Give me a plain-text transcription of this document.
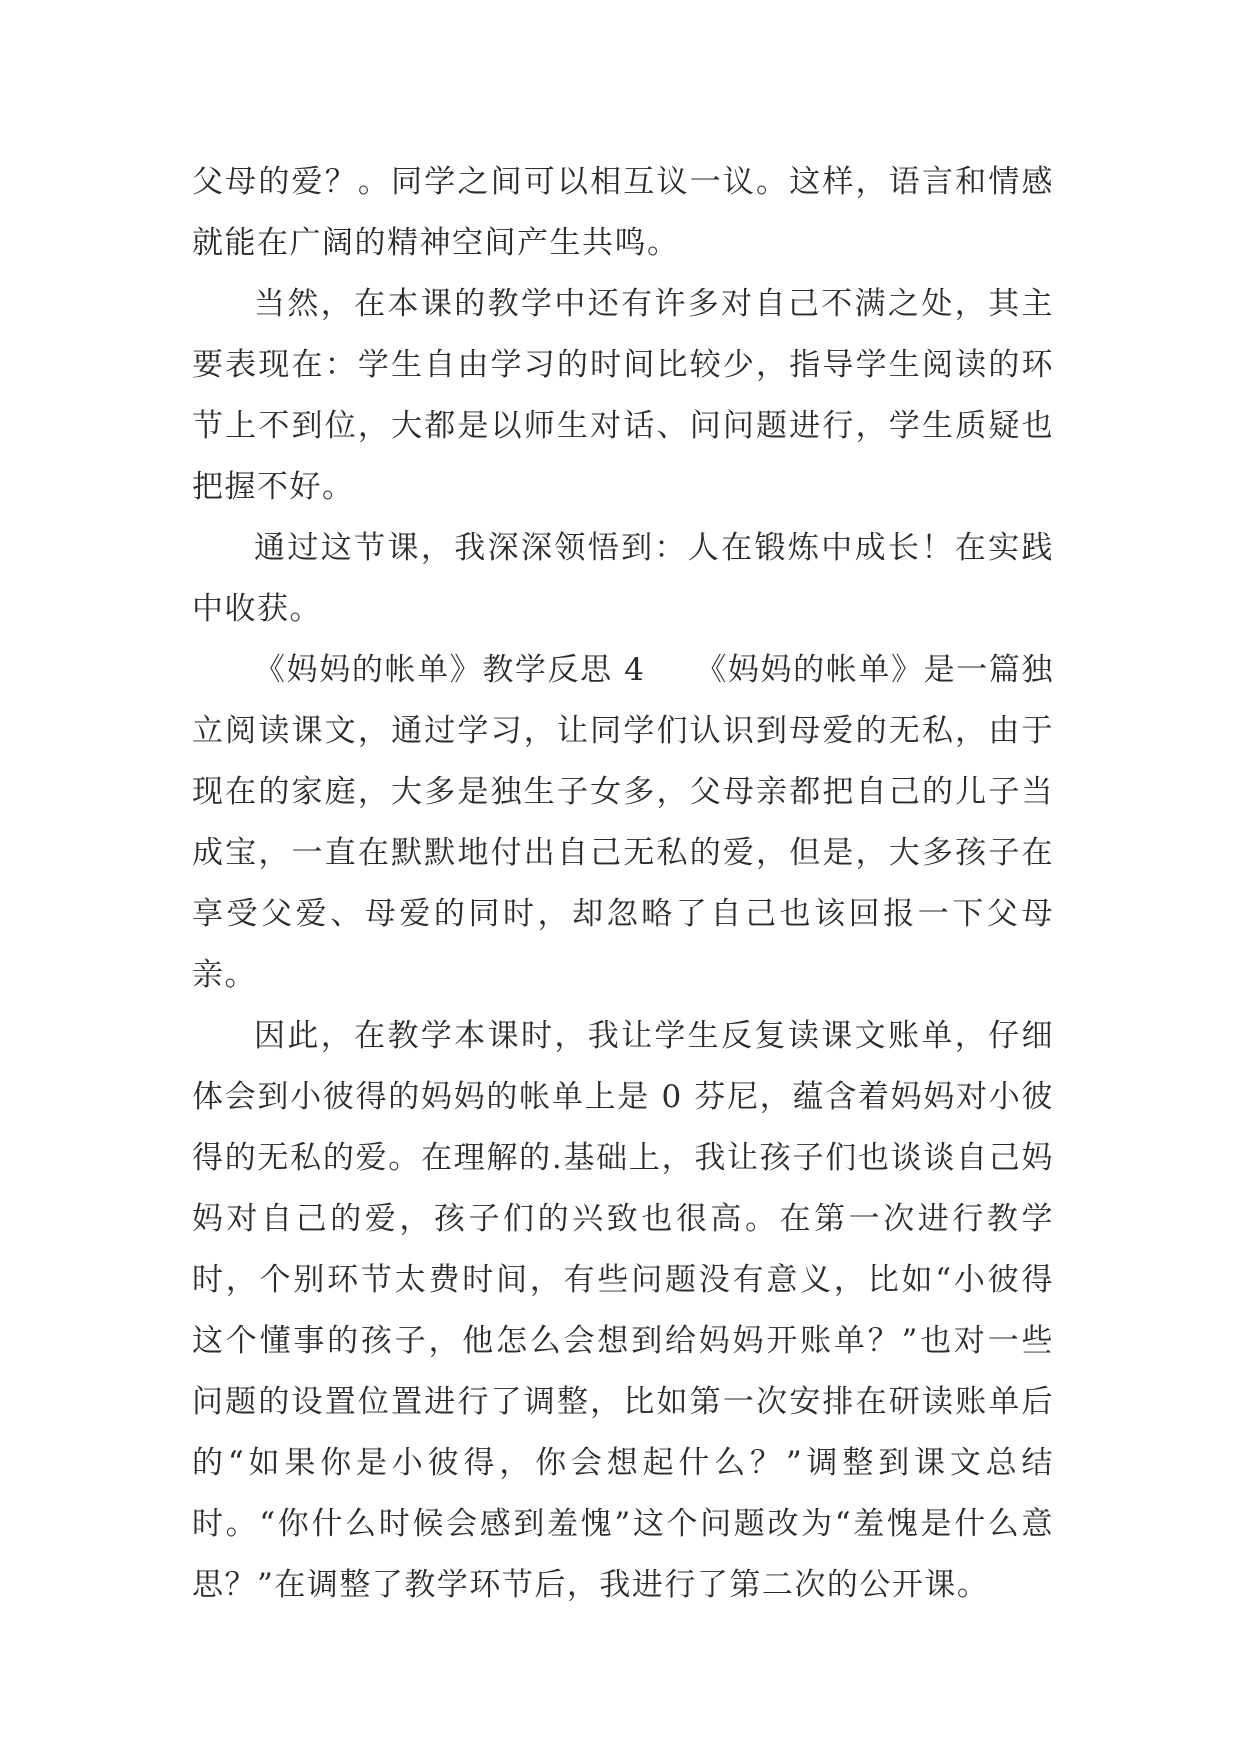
父母的爱？。同学之间可以相互议一议。这样，语言和情感就能在广阔的精神空间产生共鸣。

当然，在本课的教学中还有许多对自己不满之处，其主要表现在：学生自由学习的时间比较少，指导学生阅读的环节上不到位，大都是以师生对话、问问题进行，学生质疑也把握不好。

通过这节课，我深深领悟到：人在锻炼中成长！在实践中收获。

《妈妈的帐单》教学反思 4　　《妈妈的帐单》是一篇独立阅读课文，通过学习，让同学们认识到母爱的无私，由于现在的家庭，大多是独生子女多，父母亲都把自己的儿子当成宝，一直在默默地付出自己无私的爱，但是，大多孩子在享受父爱、母爱的同时，却忽略了自己也该回报一下父母亲。

因此，在教学本课时，我让学生反复读课文账单，仔细体会到小彼得的妈妈的帐单上是 0 芬尼，蕴含着妈妈对小彼得的无私的爱。在理解的.基础上，我让孩子们也谈谈自己妈妈对自己的爱，孩子们的兴致也很高。在第一次进行教学时，个别环节太费时间，有些问题没有意义，比如“小彼得这个懂事的孩子，他怎么会想到给妈妈开账单？”也对一些问题的设置位置进行了调整，比如第一次安排在研读账单后的“如果你是小彼得，你会想起什么？”调整到课文总结时。“你什么时候会感到羞愧”这个问题改为“羞愧是什么意思？”在调整了教学环节后，我进行了第二次的公开课。
